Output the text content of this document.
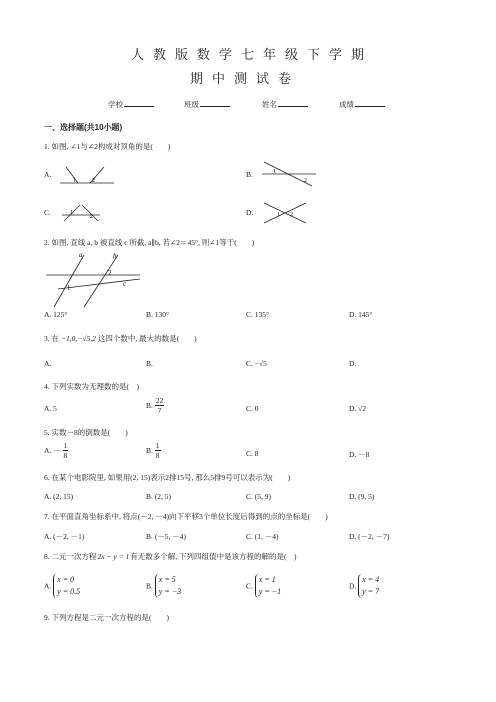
人教版数学七年级下学期
期中测试卷
学校	班级	姓名	成绩
一、选择题(共10小题)
1. 如图, ∠1与∠2构成对顶角的是(　　)
A.
1	2
B.	1
2
C.	1
2	D.	1 2
2. 如图, 直线 a, b 被直线 c 所截, a∥b, 若∠2＝45°, 则∠1等于(　　)
a	b
c
1
2
A. 125°	B. 130°	C. 135°	D. 145°
3. 在 −1,0,−√5,2 这四个数中, 最大的数是(　　)
A.	B.	C. −√5	D.
4. 下列实数为无理数的是(　)
A. 5	B. $\frac{22}{7}$	C. 0	D. √2
5. 实数－8的倒数是(　　)
A. － $\frac{1}{8}$	B. $\frac{1}{8}$	C. 8	D. －8
6. 在某个电影院里, 如果用(2, 15)表示2排15号, 那么5排9号可以表示为(　　)
A. (2, 15)	B. (2, 5)	C. (5, 9)	D. (9, 5)
7. 在平面直角坐标系中, 将点(－2, －4)向下平移3个单位长度后得到的点的坐标是(　　)
A. (－2, －1)	B. (－5, －4)	C. (1, －4)	D. (－2, －7)
8. 二元一次方程2x − y = 1有无数多个解, 下列四组值中是该方程的解的是(　)
A.
x = 0
y = 0.5
B.
x = 5
y = −3
C.
x = 1
y = −1
D.
x = 4
y = 7
9. 下列方程是二元一次方程的是(　　)
